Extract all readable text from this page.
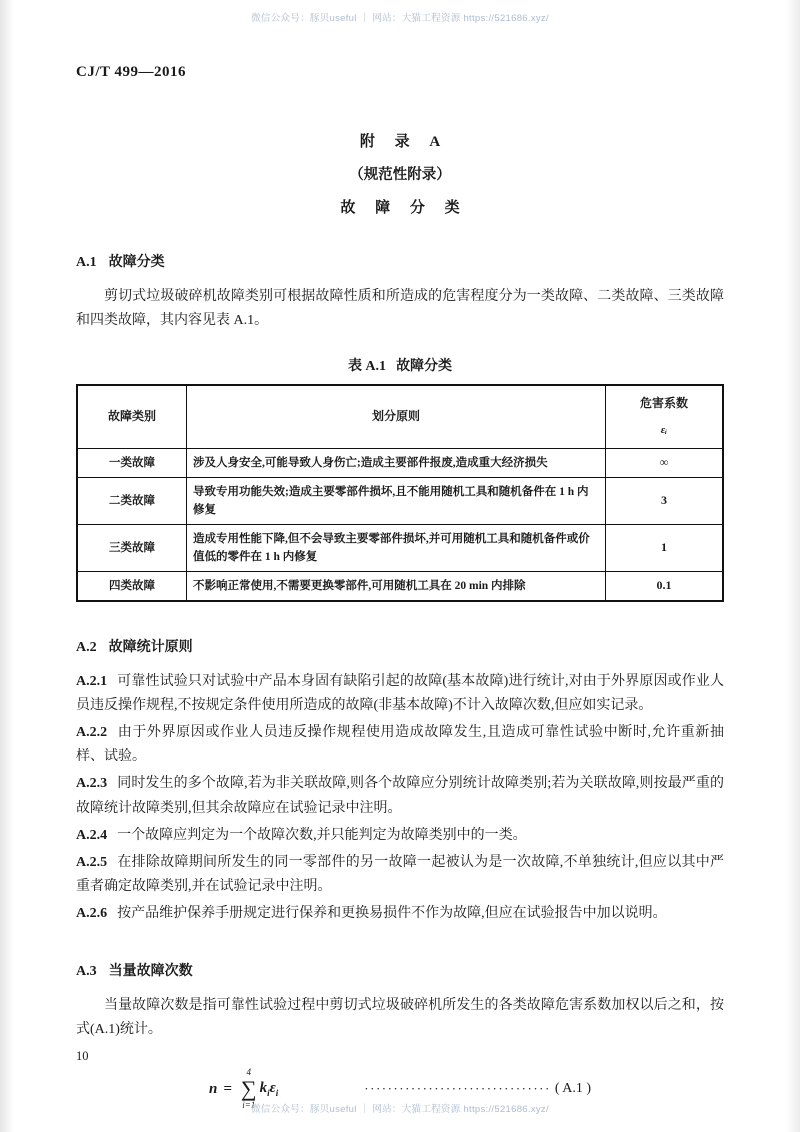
微信公众号：豚贝useful ｜ 网站：大猫工程资源 https://521686.xyz/
CJ/T 499—2016
附 录 A
（规范性附录）
故 障 分 类
A.1 故障分类

剪切式垃圾破碎机故障类别可根据故障性质和所造成的危害程度分为一类故障、二类故障、三类故障和四类故障，其内容见表 A.1。

表 A.1 故障分类
故障类别	划分原则	危害系数
εᵢ

一类故障	涉及人身安全,可能导致人身伤亡;造成主要部件报废,造成重大经济损失	∞
二类故障	导致专用功能失效;造成主要零部件损坏,且不能用随机工具和随机备件在 1 h 内修复	3
三类故障	造成专用性能下降,但不会导致主要零部件损坏,并可用随机工具和随机备件或价值低的零件在 1 h 内修复	1
四类故障	不影响正常使用,不需要更换零部件,可用随机工具在 20 min 内排除	0.1
A.2 故障统计原则

A.2.1 可靠性试验只对试验中产品本身固有缺陷引起的故障(基本故障)进行统计,对由于外界原因或作业人员违反操作规程,不按规定条件使用所造成的故障(非基本故障)不计入故障次数,但应如实记录。

A.2.2 由于外界原因或作业人员违反操作规程使用造成故障发生,且造成可靠性试验中断时,允许重新抽样、试验。

A.2.3 同时发生的多个故障,若为非关联故障,则各个故障应分别统计故障类别;若为关联故障,则按最严重的故障统计故障类别,但其余故障应在试验记录中注明。

A.2.4 一个故障应判定为一个故障次数,并只能判定为故障类别中的一类。

A.2.5 在排除故障期间所发生的同一零部件的另一故障一起被认为是一次故障,不单独统计,但应以其中严重者确定故障类别,并在试验记录中注明。

A.2.6 按产品维护保养手册规定进行保养和更换易损件不作为故障,但应在试验报告中加以说明。

A.3 当量故障次数

当量故障次数是指可靠性试验过程中剪切式垃圾破碎机所发生的各类故障危害系数加权以后之和，按式(A.1)统计。

n =
4
∑
i=1
$k_i$ $\varepsilon_i$	································ ( A.1 )
10
微信公众号：豚贝useful ｜ 网站：大猫工程资源 https://521686.xyz/
